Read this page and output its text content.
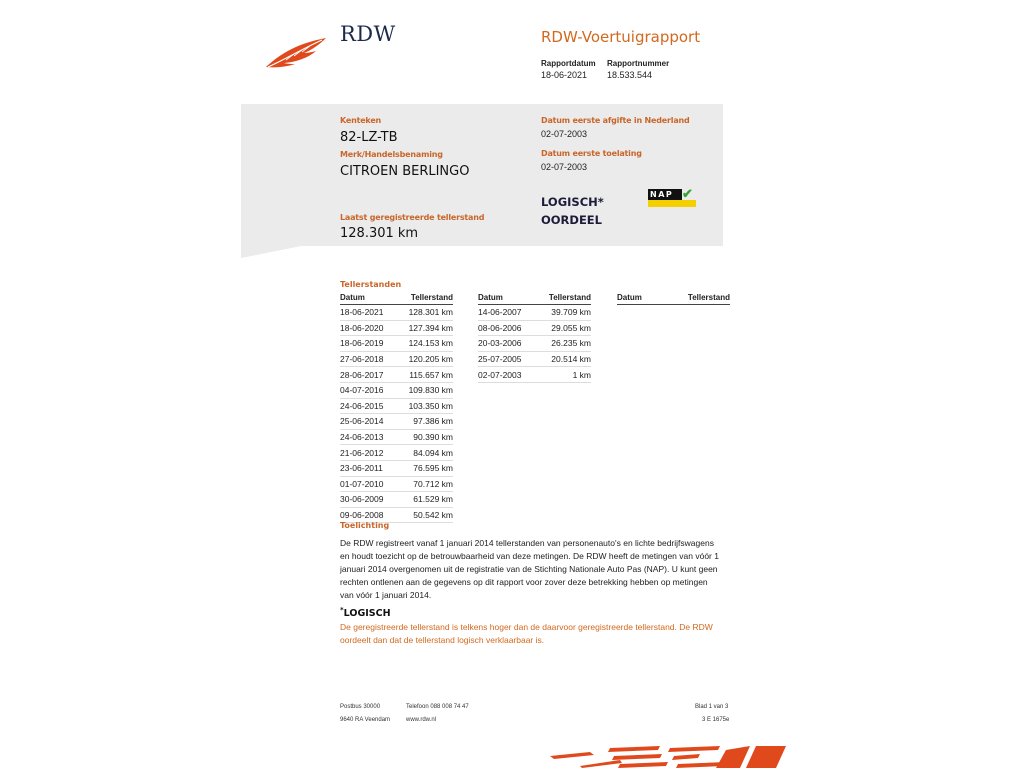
RDW	RDW-Voertuigrapport
Rapportdatum
18-06-2021
Rapportnummer
18.533.544
Kenteken
82-LZ-TB
Merk/Handelsbenaming
CITROEN BERLINGO
Laatst geregistreerde tellerstand
128.301 km
Datum eerste afgifte in Nederland
02-07-2003
Datum eerste toelating
02-07-2003
LOGISCH*
OORDEEL
NAP ✔
Tellerstanden
Datum	Tellerstand
18-06-2021	128.301 km
18-06-2020	127.394 km
18-06-2019	124.153 km
27-06-2018	120.205 km
28-06-2017	115.657 km
04-07-2016	109.830 km
24-06-2015	103.350 km
25-06-2014	97.386 km
24-06-2013	90.390 km
21-06-2012	84.094 km
23-06-2011	76.595 km
01-07-2010	70.712 km
30-06-2009	61.529 km
09-06-2008	50.542 km
Datum	Tellerstand
14-06-2007	39.709 km
08-06-2006	29.055 km
20-03-2006	26.235 km
25-07-2005	20.514 km
02-07-2003	1 km
Datum	Tellerstand
Toelichting
De RDW registreert vanaf 1 januari 2014 tellerstanden van personenauto's en lichte bedrijfswagens en houdt toezicht op de betrouwbaarheid van deze metingen. De RDW heeft de metingen van vóór 1 januari 2014 overgenomen uit de registratie van de Stichting Nationale Auto Pas (NAP). U kunt geen rechten ontlenen aan de gegevens op dit rapport voor zover deze betrekking hebben op metingen van vóór 1 januari 2014.
*LOGISCH
De geregistreerde tellerstand is telkens hoger dan de daarvoor geregistreerde tellerstand. De RDW oordeelt dan dat de tellerstand logisch verklaarbaar is.
Postbus 30000
9640 RA Veendam
Telefoon 088 008 74 47
www.rdw.nl
Blad 1 van 3
3 E 1675e
